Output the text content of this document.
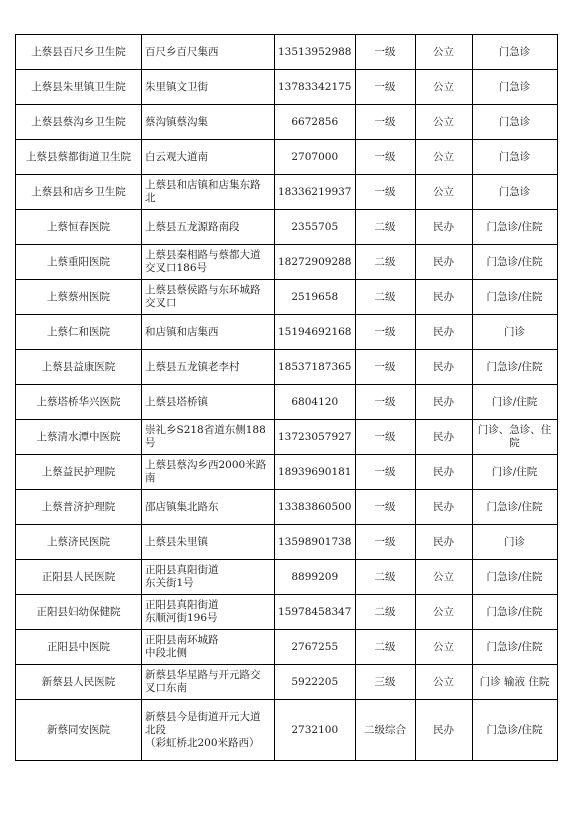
上蔡县百尺乡卫生院	百尺乡百尺集西	13513952988	一级	公立	门急诊
上蔡县朱里镇卫生院	朱里镇文卫街	13783342175	一级	公立	门急诊
上蔡县蔡沟乡卫生院	蔡沟镇蔡沟集	6672856	一级	公立	门急诊
上蔡县蔡都街道卫生院	白云观大道南	2707000	一级	公立	门急诊
上蔡县和店乡卫生院	上蔡县和店镇和店集东路
北	18336219937	一级	公立	门急诊
上蔡恒春医院	上蔡县五龙源路南段	2355705	二级	民办	门急诊/住院
上蔡重阳医院	上蔡县秦相路与蔡都大道
交叉口186号	18272909288	二级	民办	门急诊/住院
上蔡蔡州医院	上蔡县蔡侯路与东环城路
交叉口	2519658	二级	民办	门急诊/住院
上蔡仁和医院	和店镇和店集西	15194692168	一级	民办	门诊
上蔡县益康医院	上蔡县五龙镇老李村	18537187365	一级	民办	门急诊/住院
上蔡塔桥华兴医院	上蔡县塔桥镇	6804120	一级	民办	门诊/住院
上蔡清水潭中医院	崇礼乡S218省道东侧188号	13723057927	一级	民办	门诊、急诊、住院
上蔡益民护理院	上蔡县蔡沟乡西2000米路
南	18939690181	一级	民办	门诊/住院
上蔡普济护理院	邵店镇集北路东	13383860500	一级	民办	门急诊/住院
上蔡济民医院	上蔡县朱里镇	13598901738	一级	民办	门诊
正阳县人民医院	正阳县真阳街道
东关街1号	8899209	二级	公立	门急诊/住院
正阳县妇幼保健院	正阳县真阳街道
东顺河街196号	15978458347	二级	公立	门急诊/住院
正阳县中医院	正阳县南环城路
中段北侧	2767255	二级	公立	门急诊/住院
新蔡县人民医院	新蔡县华星路与开元路交
叉口东南	5922205	三级	公立	门诊 输液 住院
新蔡同安医院	新蔡县今是街道开元大道
北段
（彩虹桥北200米路西）	2732100	二级综合	民办	门急诊/住院
